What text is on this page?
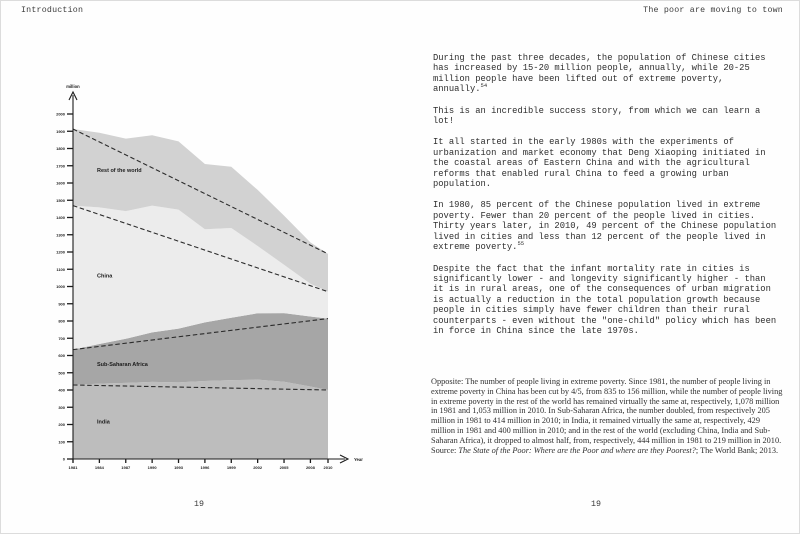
Introduction
India
Sub-Saharan Africa
China
Rest of the world
million
Year
0
100
200
300
400
500
600
700
800
900
1000
1100
1200
1300
1400
1500
1600
1700
1800
1900
2000
1981	1984	1987	1990	1993	1996	1999	2002	2005	2008 2010
19
The poor are moving to town

During the past three decades, the population of Chinese cities has increased by 15-20 million people, annually, while 20-25 million people have been lifted out of extreme poverty, annually.$^{54}$

This is an incredible success story, from which we can learn a lot!

It all started in the early 1980s with the experiments of urbanization and market economy that Deng Xiaoping initiated in the coastal areas of Eastern China and with the agricultural reforms that enabled rural China to feed a growing urban population.

In 1980, 85 percent of the Chinese population lived in extreme poverty. Fewer than 20 percent of the people lived in cities. Thirty years later, in 2010, 49 percent of the Chinese population lived in cities and less than 12 percent of the people lived in extreme poverty.$^{55}$

Despite the fact that the infant mortality rate in cities is significantly lower - and longevity significantly higher - than it is in rural areas, one of the consequences of urban migration is actually a reduction in the total population growth because people in cities simply have fewer children than their rural counterparts - even without the "one-child" policy which has been in force in China since the late 1970s.

Opposite: The number of people living in extreme poverty. Since 1981, the number of people living in extreme poverty in China has been cut by 4/5, from 835 to 156 million, while the number of people living in extreme poverty in the rest of the world has remained virtually the same at, respectively, 1,078 million in 1981 and 1,053 million in 2010. In Sub-Saharan Africa, the number doubled, from respectively 205 million in 1981 to 414 million in 2010; in India, it remained virtually the same at, respectively, 429 million in 1981 and 400 million in 2010; and in the rest of the world (excluding China, India and Sub-Saharan Africa), it dropped to almost half, from, respectively, 444 million in 1981 to 219 million in 2010. Source: The State of the Poor: Where are the Poor and where are they Poorest?; The World Bank; 2013.
19
